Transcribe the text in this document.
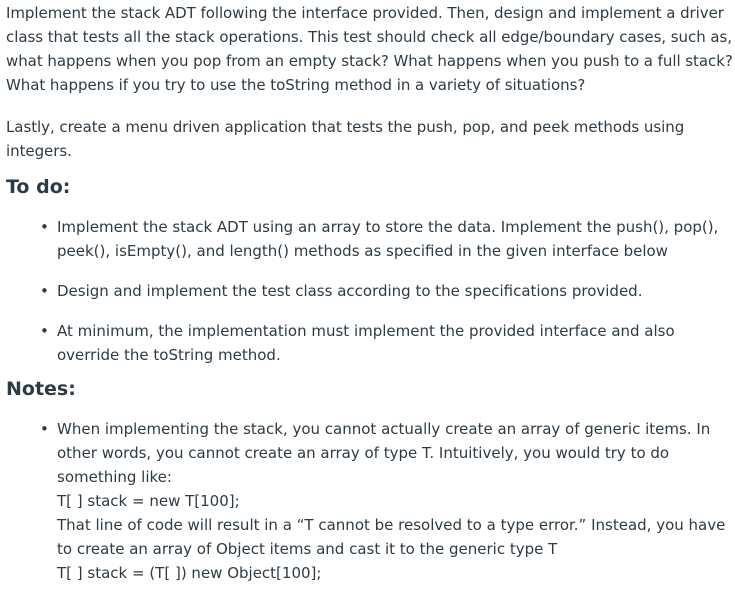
Implement the stack ADT following the interface provided. Then, design and implement a driver class that tests all the stack operations. This test should check all edge/boundary cases, such as, what happens when you pop from an empty stack? What happens when you push to a full stack? What happens if you try to use the toString method in a variety of situations?

Lastly, create a menu driven application that tests the push, pop, and peek methods using integers.

To do:
• Implement the stack ADT using an array to store the data. Implement the push(), pop(), peek(), isEmpty(), and length() methods as specified in the given interface below
• Design and implement the test class according to the specifications provided.
• At minimum, the implementation must implement the provided interface and also override the toString method.
Notes:
• When implementing the stack, you cannot actually create an array of generic items. In other words, you cannot create an array of type T. Intuitively, you would try to do something like:
T[ ] stack = new T[100];
That line of code will result in a “T cannot be resolved to a type error.” Instead, you have to create an array of Object items and cast it to the generic type T
T[ ] stack = (T[ ]) new Object[100];
